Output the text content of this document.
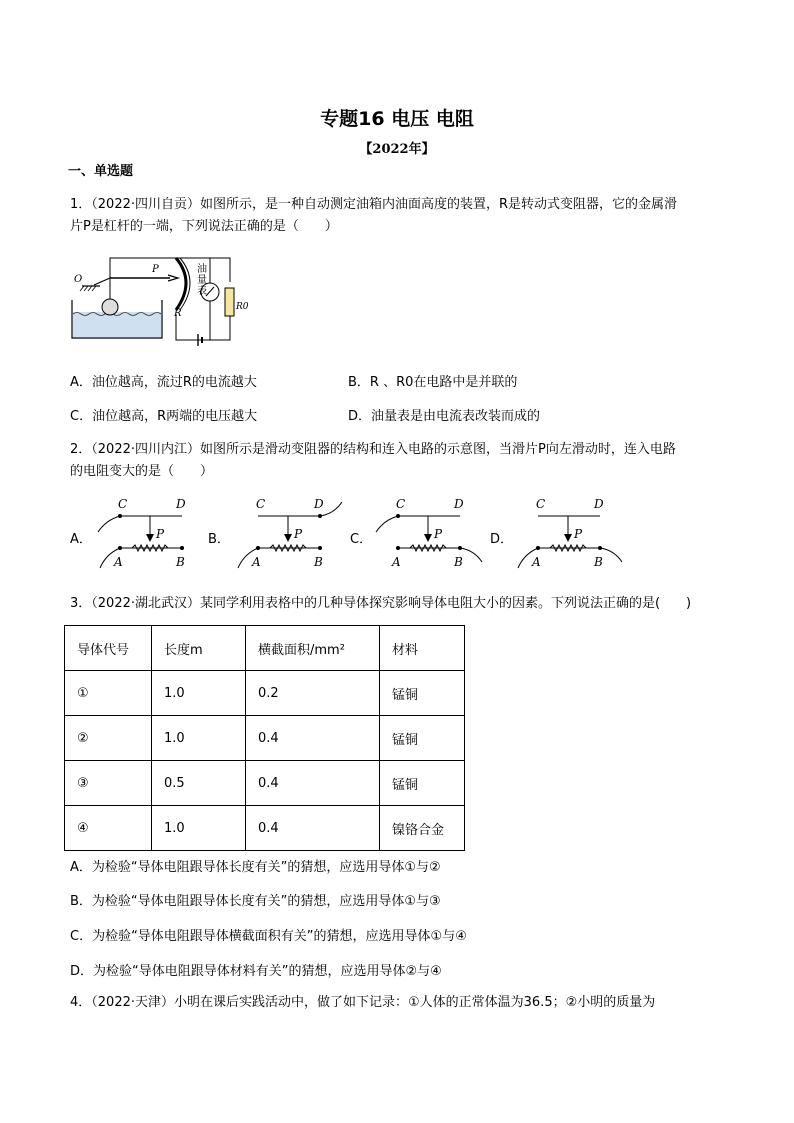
专题16 电压 电阻
【2022年】
一、单选题
1．（2022·四川自贡）如图所示，是一种自动测定油箱内油面高度的装置，R是转动式变阻器，它的金属滑
片P是杠杆的一端，下列说法正确的是（　　）
O
P
R
R0
油量表
A．油位越高，流过R的电流越大	B．R 、R0在电路中是并联的
C．油位越高，R两端的电压越大	D．油量表是由电流表改装而成的
2．（2022·四川内江）如图所示是滑动变阻器的结构和连入电路的示意图，当滑片P向左滑动时，连入电路
的电阻变大的是（　　）
A．	B．	C．	D．
C	D
P
A	B
C	D
P
A	B
C	D
P
A	B
C	D
P
A	B
3．（2022·湖北武汉）某同学利用表格中的几种导体探究影响导体电阻大小的因素。下列说法正确的是(　　)
导体代号	长度m	横截面积/mm²	材料
①	1.0	0.2	锰铜
②	1.0	0.4	锰铜
③	0.5	0.4	锰铜
④	1.0	0.4	镍铬合金
A．为检验“导体电阻跟导体长度有关”的猜想，应选用导体①与②
B．为检验“导体电阻跟导体长度有关”的猜想，应选用导体①与③
C．为检验“导体电阻跟导体横截面积有关”的猜想，应选用导体①与④
D．为检验“导体电阻跟导体材料有关”的猜想，应选用导体②与④
4．（2022·天津）小明在课后实践活动中，做了如下记录：①人体的正常体温为36.5；②小明的质量为
